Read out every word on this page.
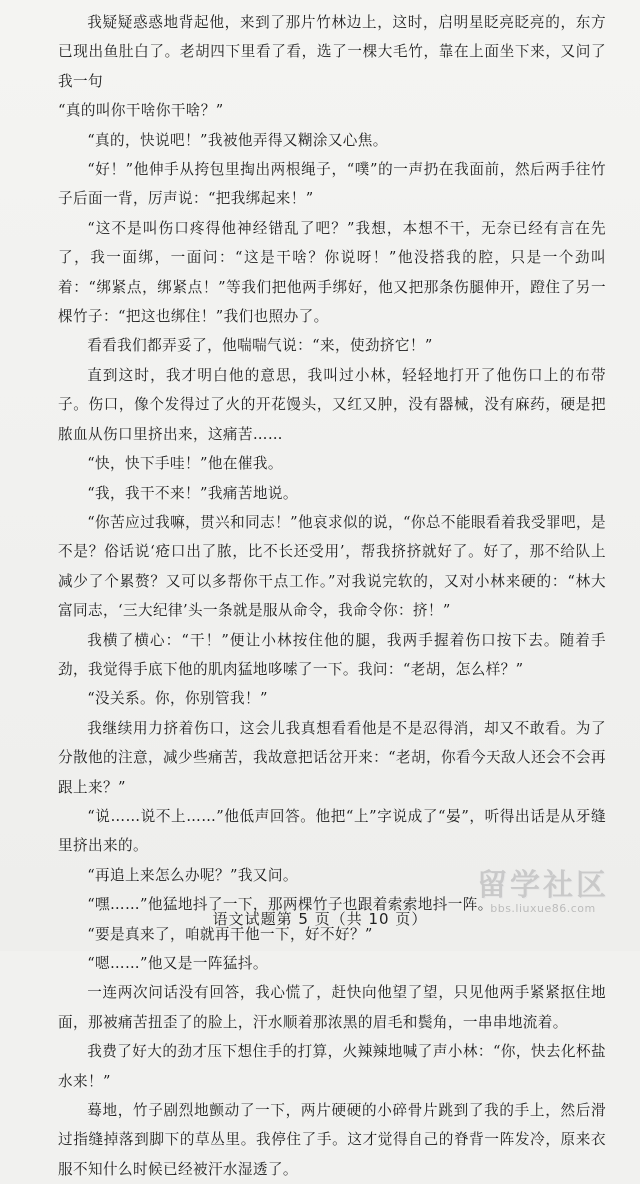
我疑疑惑惑地背起他，来到了那片竹林边上，这时，启明星眨亮眨亮的，东方已现出鱼肚白了。老胡四下里看了看，选了一棵大毛竹，靠在上面坐下来，又问了我一句

“真的叫你干啥你干啥？”

“真的，快说吧！”我被他弄得又糊涂又心焦。

“好！”他伸手从挎包里掏出两根绳子，“噗”的一声扔在我面前，然后两手往竹子后面一背，厉声说：“把我绑起来！”

“这不是叫伤口疼得他神经错乱了吧？”我想，本想不干，无奈已经有言在先了，我一面绑，一面问：“这是干啥？你说呀！”他没搭我的腔，只是一个劲叫着：“绑紧点，绑紧点！”等我们把他两手绑好，他又把那条伤腿伸开，蹬住了另一棵竹子：“把这也绑住！”我们也照办了。

看看我们都弄妥了，他喘喘气说：“来，使劲挤它！”

直到这时，我才明白他的意思，我叫过小林，轻轻地打开了他伤口上的布带子。伤口，像个发得过了火的开花馒头，又红又肿，没有器械，没有麻药，硬是把脓血从伤口里挤出来，这痛苦……

“快，快下手哇！”他在催我。

“我，我干不来！”我痛苦地说。

“你苦应过我嘛，贯兴和同志！”他哀求似的说，“你总不能眼看着我受罪吧，是不是？俗话说‘疮口出了脓，比不长还受用’，帮我挤挤就好了。好了，那不给队上减少了个累赘？又可以多帮你干点工作。”对我说完软的，又对小林来硬的：“林大富同志，‘三大纪律’头一条就是服从命令，我命令你：挤！”

我横了横心：“干！”便让小林按住他的腿，我两手握着伤口按下去。随着手劲，我觉得手底下他的肌肉猛地哆嗦了一下。我问：“老胡，怎么样？”

“没关系。你，你别管我！”

我继续用力挤着伤口，这会儿我真想看看他是不是忍得消，却又不敢看。为了分散他的注意，减少些痛苦，我故意把话岔开来：“老胡，你看今天敌人还会不会再跟上来？”

“说……说不上……”他低声回答。他把“上”字说成了“晏”，听得出话是从牙缝里挤出来的。

“再追上来怎么办呢？”我又问。

“嘿……”他猛地抖了一下，那两棵竹子也跟着索索地抖一阵。

“要是真来了，咱就再干他一下，好不好？”

“嗯……”他又是一阵猛抖。

一连两次问话没有回答，我心慌了，赶快向他望了望，只见他两手紧紧抠住地面，那被痛苦扭歪了的脸上，汗水顺着那浓黑的眉毛和鬓角，一串串地流着。

我费了好大的劲才压下想住手的打算，火辣辣地喊了声小林：“你，快去化杯盐水来！”

蓦地，竹子剧烈地颤动了一下，两片硬硬的小碎骨片跳到了我的手上，然后滑过指缝掉落到脚下的草丛里。我停住了手。这才觉得自己的脊背一阵发冷，原来衣服不知什么时候已经被汗水湿透了。

语文试题第 5 页（共 10 页）
留学社区
bbs.liuxue86.com
